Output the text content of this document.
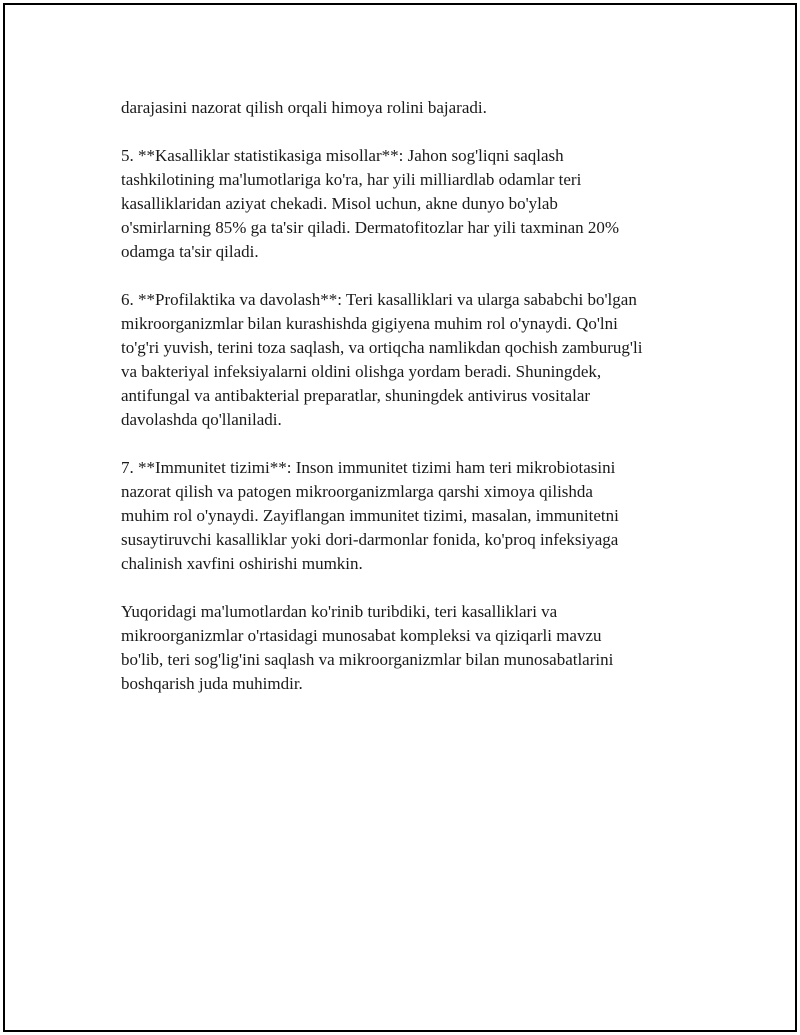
darajasini nazorat qilish orqali himoya rolini bajaradi.
5. **Kasalliklar statistikasiga misollar**: Jahon sog'liqni saqlash
tashkilotining ma'lumotlariga ko'ra, har yili milliardlab odamlar teri
kasalliklaridan aziyat chekadi. Misol uchun, akne dunyo bo'ylab
o'smirlarning 85% ga ta'sir qiladi. Dermatofitozlar har yili taxminan 20%
odamga ta'sir qiladi.
6. **Profilaktika va davolash**: Teri kasalliklari va ularga sababchi bo'lgan
mikroorganizmlar bilan kurashishda gigiyena muhim rol o'ynaydi. Qo'lni
to'g'ri yuvish, terini toza saqlash, va ortiqcha namlikdan qochish zamburug'li
va bakteriyal infeksiyalarni oldini olishga yordam beradi. Shuningdek,
antifungal va antibakterial preparatlar, shuningdek antivirus vositalar
davolashda qo'llaniladi.
7. **Immunitet tizimi**: Inson immunitet tizimi ham teri mikrobiotasini
nazorat qilish va patogen mikroorganizmlarga qarshi ximoya qilishda
muhim rol o'ynaydi. Zayiflangan immunitet tizimi, masalan, immunitetni
susaytiruvchi kasalliklar yoki dori-darmonlar fonida, ko'proq infeksiyaga
chalinish xavfini oshirishi mumkin.
Yuqoridagi ma'lumotlardan ko'rinib turibdiki, teri kasalliklari va
mikroorganizmlar o'rtasidagi munosabat kompleksi va qiziqarli mavzu
bo'lib, teri sog'lig'ini saqlash va mikroorganizmlar bilan munosabatlarini
boshqarish juda muhimdir.
